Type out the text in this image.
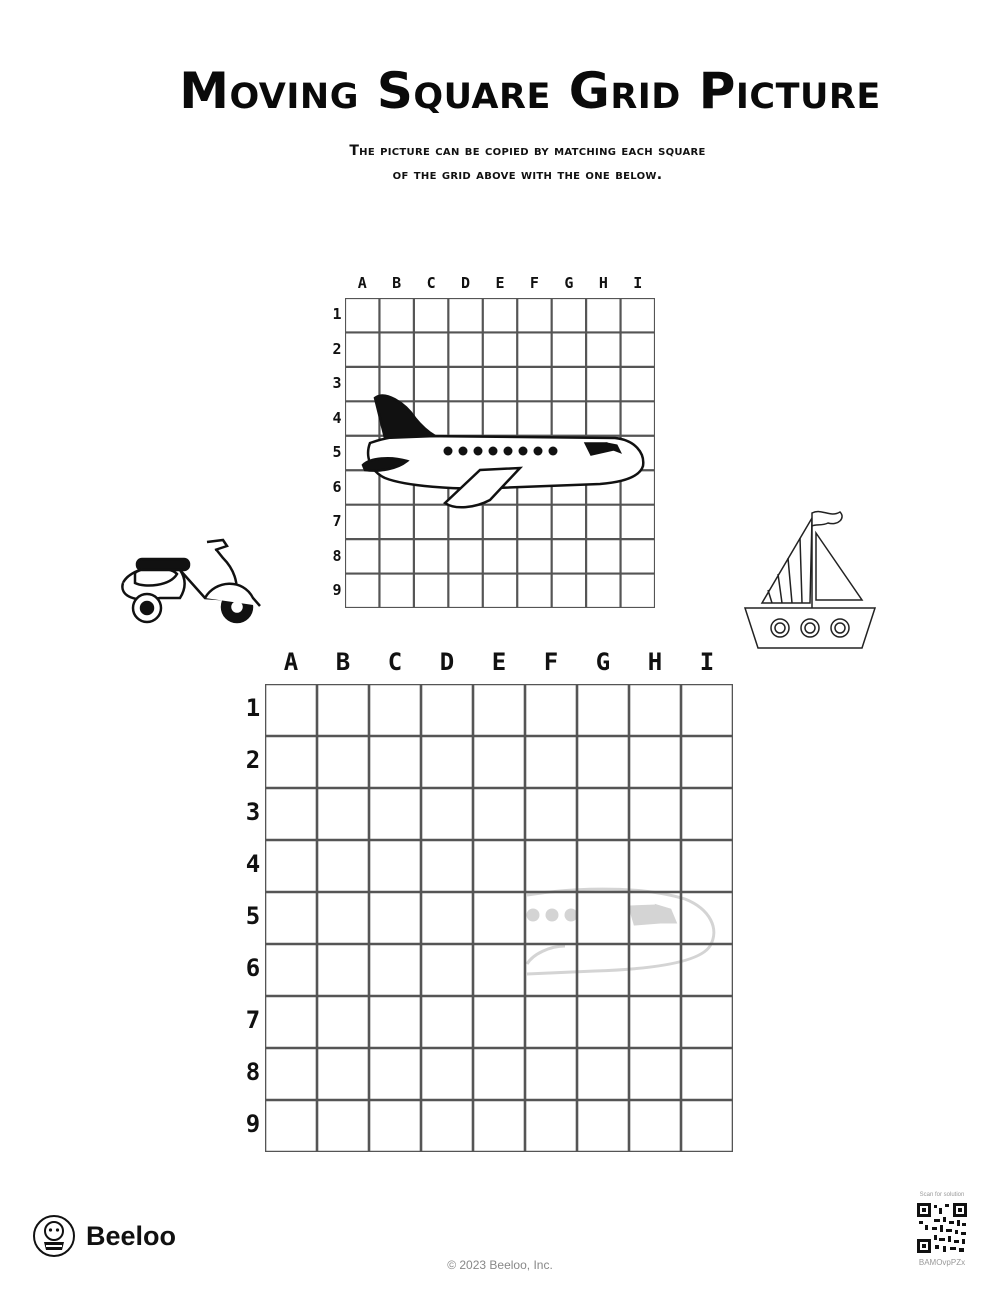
Moving Square Grid Picture
The picture can be copied by matching each square
of the grid above with the one below.
Beeloo
© 2023 Beeloo, Inc.
Scan for solution
BAMOvpPZx
A	B	C	D	E	F	G	H	I
1
2
3
4
5
6
7
8
9
A	B	C	D	E	F	G	H	I
1
2
3
4
5
6
7
8
9
